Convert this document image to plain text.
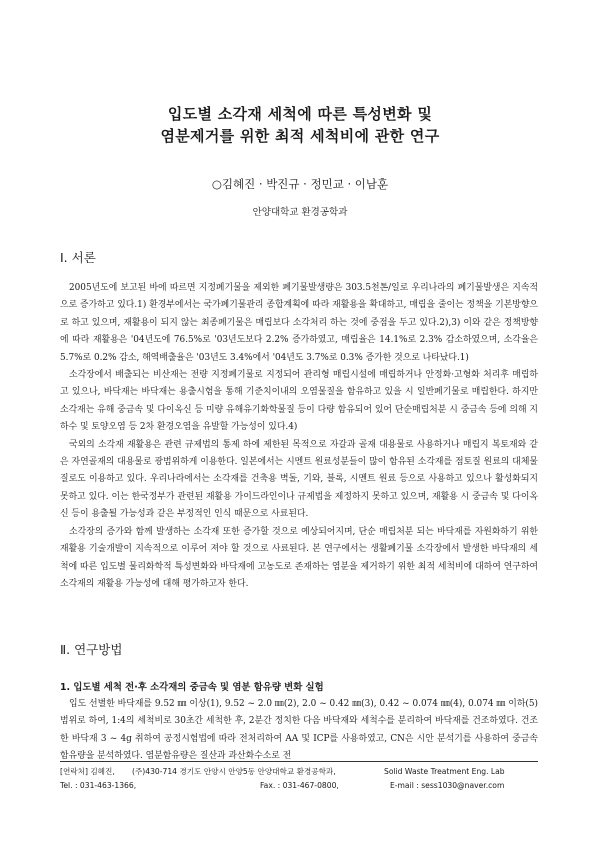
입도별 소각재 세척에 따른 특성변화 및
염분제거를 위한 최적 세척비에 관한 연구
○김혜진 · 박진규 · 정민교 · 이남훈
안양대학교 환경공학과
Ⅰ. 서론

2005년도에 보고된 바에 따르면 지정폐기물을 제외한 폐기물발생량은 303.5천톤/일로 우리나라의 폐기물발생은 지속적으로 증가하고 있다.1) 환경부에서는 국가폐기물관리 종합계획에 따라 재활용을 확대하고, 매립을 줄이는 정책을 기본방향으로 하고 있으며, 재활용이 되지 않는 최종폐기물은 매립보다 소각처리 하는 것에 중점을 두고 있다.2),3) 이와 같은 정책방향에 따라 재활용은 '04년도에 76.5%로 '03년도보다 2.2% 증가하였고, 매립율은 14.1%로 2.3% 감소하였으며, 소각율은 5.7%로 0.2% 감소, 해역배출율은 '03년도 3.4%에서 '04년도 3.7%로 0.3% 증가한 것으로 나타났다.1)

소각장에서 배출되는 비산재는 전량 지정폐기물로 지정되어 관리형 매립시설에 매립하거나 안정화·고형화 처리후 매립하고 있으나, 바닥재는 바닥재는 용출시험을 통해 기준치이내의 오염물질을 함유하고 있을 시 일반폐기물로 매립한다. 하지만 소각재는 유해 중금속 및 다이옥신 등 미량 유해유기화학물질 등이 다량 함유되어 있어 단순매립처분 시 중금속 등에 의해 지하수 및 토양오염 등 2차 환경오염을 유발할 가능성이 있다.4)

국외의 소각재 재활용은 관련 규제법의 통제 하에 제한된 목적으로 자갈과 골재 대용물로 사용하거나 매립지 복토재와 같은 자연골재의 대용물로 광범위하게 이용한다. 일본에서는 시멘트 원료성분들이 많이 함유된 소각재를 점토질 원료의 대체물질로도 이용하고 있다. 우리나라에서는 소각재를 건축용 벽돌, 기와, 블록, 시멘트 원료 등으로 사용하고 있으나 활성화되지 못하고 있다. 이는 한국정부가 관련된 재활용 가이드라인이나 규제법을 제정하지 못하고 있으며, 재활용 시 중금속 및 다이옥신 등이 용출될 가능성과 같은 부정적인 인식 때문으로 사료된다.

소각장의 증가와 함께 발생하는 소각재 또한 증가할 것으로 예상되어지며, 단순 매립처분 되는 바닥재를 자원화하기 위한 재활용 기술개발이 지속적으로 이루어 져야 할 것으로 사료된다. 본 연구에서는 생활폐기물 소각장에서 발생한 바닥재의 세척에 따른 입도별 물리화학적 특성변화와 바닥재에 고농도로 존재하는 염분을 제거하기 위한 최적 세척비에 대하여 연구하여 소각재의 재활용 가능성에 대해 평가하고자 한다.

Ⅱ. 연구방법

1. 입도별 세척 전·후 소각재의 중금속 및 염분 함유량 변화 실험

입도 선별한 바닥재를 9.52 ㎜ 이상(1), 9.52 ~ 2.0 ㎜(2), 2.0 ~ 0.42 ㎜(3), 0.42 ~ 0.074 ㎜(4), 0.074 ㎜ 이하(5) 범위로 하여, 1:4의 세척비로 30초간 세척한 후, 2분간 정치한 다음 바닥재와 세척수를 분리하여 바닥재를 건조하였다. 건조한 바닥재 3 ~ 4g 취하여 공정시험법에 따라 전처리하여 AA 및 ICP를 사용하였고, CN은 시안 분석기를 사용하여 중금속 함유량을 분석하였다. 염분함유량은 질산과 과산화수소로 전

[연락처] 김혜진,	(주)430-714 경기도 안양시 안양5동 안양대학교 환경공학과,	Solid Waste Treatment Eng. Lab
Tel. : 031-463-1366,	Fax. : 031-467-0800,	E-mail : sess1030@naver.com
